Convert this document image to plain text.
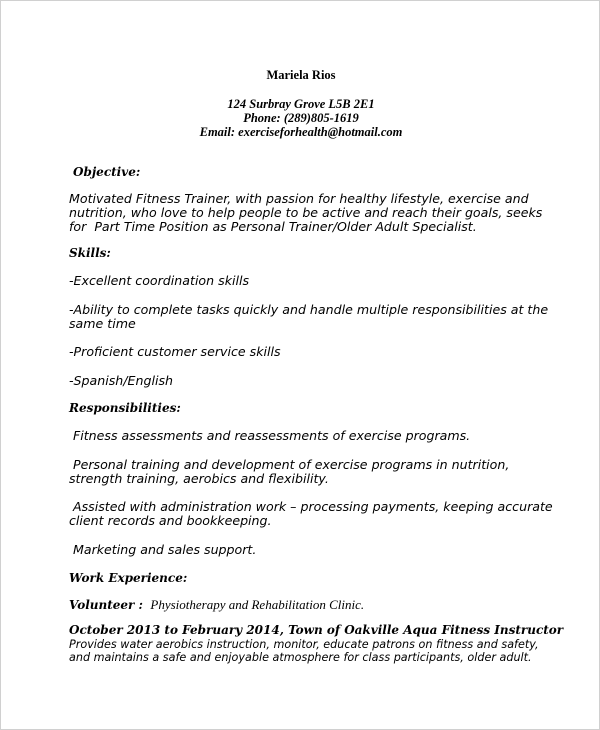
Mariela Rios
124 Surbray Grove L5B 2E1
Phone: (289)805-1619
Email: exerciseforhealth@hotmail.com
Objective:
Motivated Fitness Trainer, with passion for healthy lifestyle, exercise and
nutrition, who love to help people to be active and reach their goals, seeks
for  Part Time Position as Personal Trainer/Older Adult Specialist.
Skills:
-Excellent coordination skills
-Ability to complete tasks quickly and handle multiple responsibilities at the
same time
-Proficient customer service skills
-Spanish/English
Responsibilities:
Fitness assessments and reassessments of exercise programs.
Personal training and development of exercise programs in nutrition,
strength training, aerobics and flexibility.
Assisted with administration work – processing payments, keeping accurate
client records and bookkeeping.
Marketing and sales support.
Work Experience:
Volunteer :  Physiotherapy and Rehabilitation Clinic.
October 2013 to February 2014, Town of Oakville Aqua Fitness Instructor
Provides water aerobics instruction, monitor, educate patrons on fitness and safety,
and maintains a safe and enjoyable atmosphere for class participants, older adult.
